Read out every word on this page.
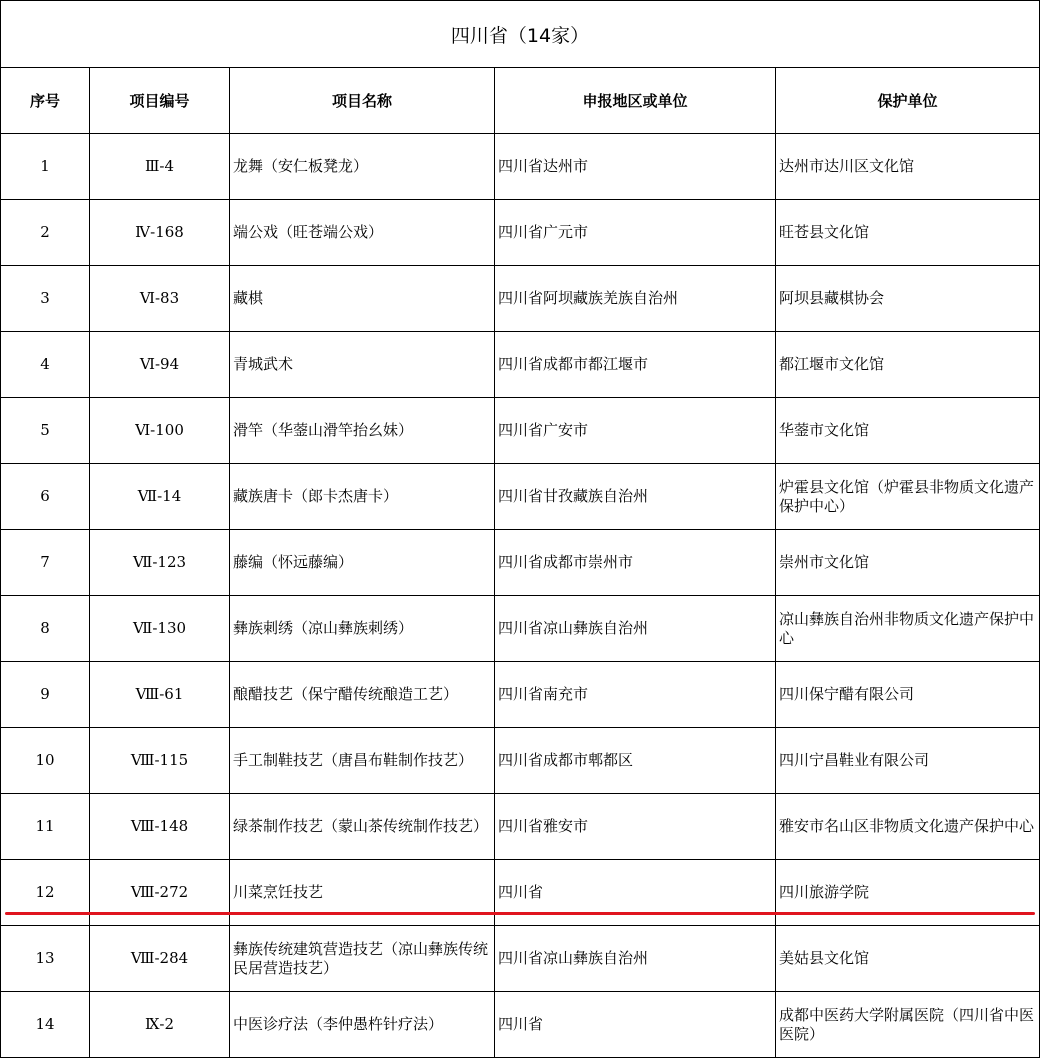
四川省（14家）				
序号	项目编号	项目名称	申报地区或单位	保护单位
1	Ⅲ-4	龙舞（安仁板凳龙）	四川省达州市	达州市达川区文化馆
2	Ⅳ-168	端公戏（旺苍端公戏）	四川省广元市	旺苍县文化馆
3	Ⅵ-83	藏棋	四川省阿坝藏族羌族自治州	阿坝县藏棋协会
4	Ⅵ-94	青城武术	四川省成都市都江堰市	都江堰市文化馆
5	Ⅵ-100	滑竿（华蓥山滑竿抬幺妹）	四川省广安市	华蓥市文化馆
6	Ⅶ-14	藏族唐卡（郎卡杰唐卡）	四川省甘孜藏族自治州	炉霍县文化馆（炉霍县非物质文化遗产保护中心）
7	Ⅶ-123	藤编（怀远藤编）	四川省成都市崇州市	崇州市文化馆
8	Ⅶ-130	彝族刺绣（凉山彝族刺绣）	四川省凉山彝族自治州	凉山彝族自治州非物质文化遗产保护中心
9	Ⅷ-61	酿醋技艺（保宁醋传统酿造工艺）	四川省南充市	四川保宁醋有限公司
10	Ⅷ-115	手工制鞋技艺（唐昌布鞋制作技艺）	四川省成都市郫都区	四川宁昌鞋业有限公司
11	Ⅷ-148	绿茶制作技艺（蒙山茶传统制作技艺）	四川省雅安市	雅安市名山区非物质文化遗产保护中心
12	Ⅷ-272	川菜烹饪技艺	四川省	四川旅游学院
13	Ⅷ-284	彝族传统建筑营造技艺（凉山彝族传统民居营造技艺）	四川省凉山彝族自治州	美姑县文化馆
14	Ⅸ-2	中医诊疗法（李仲愚杵针疗法）	四川省	成都中医药大学附属医院（四川省中医医院）
